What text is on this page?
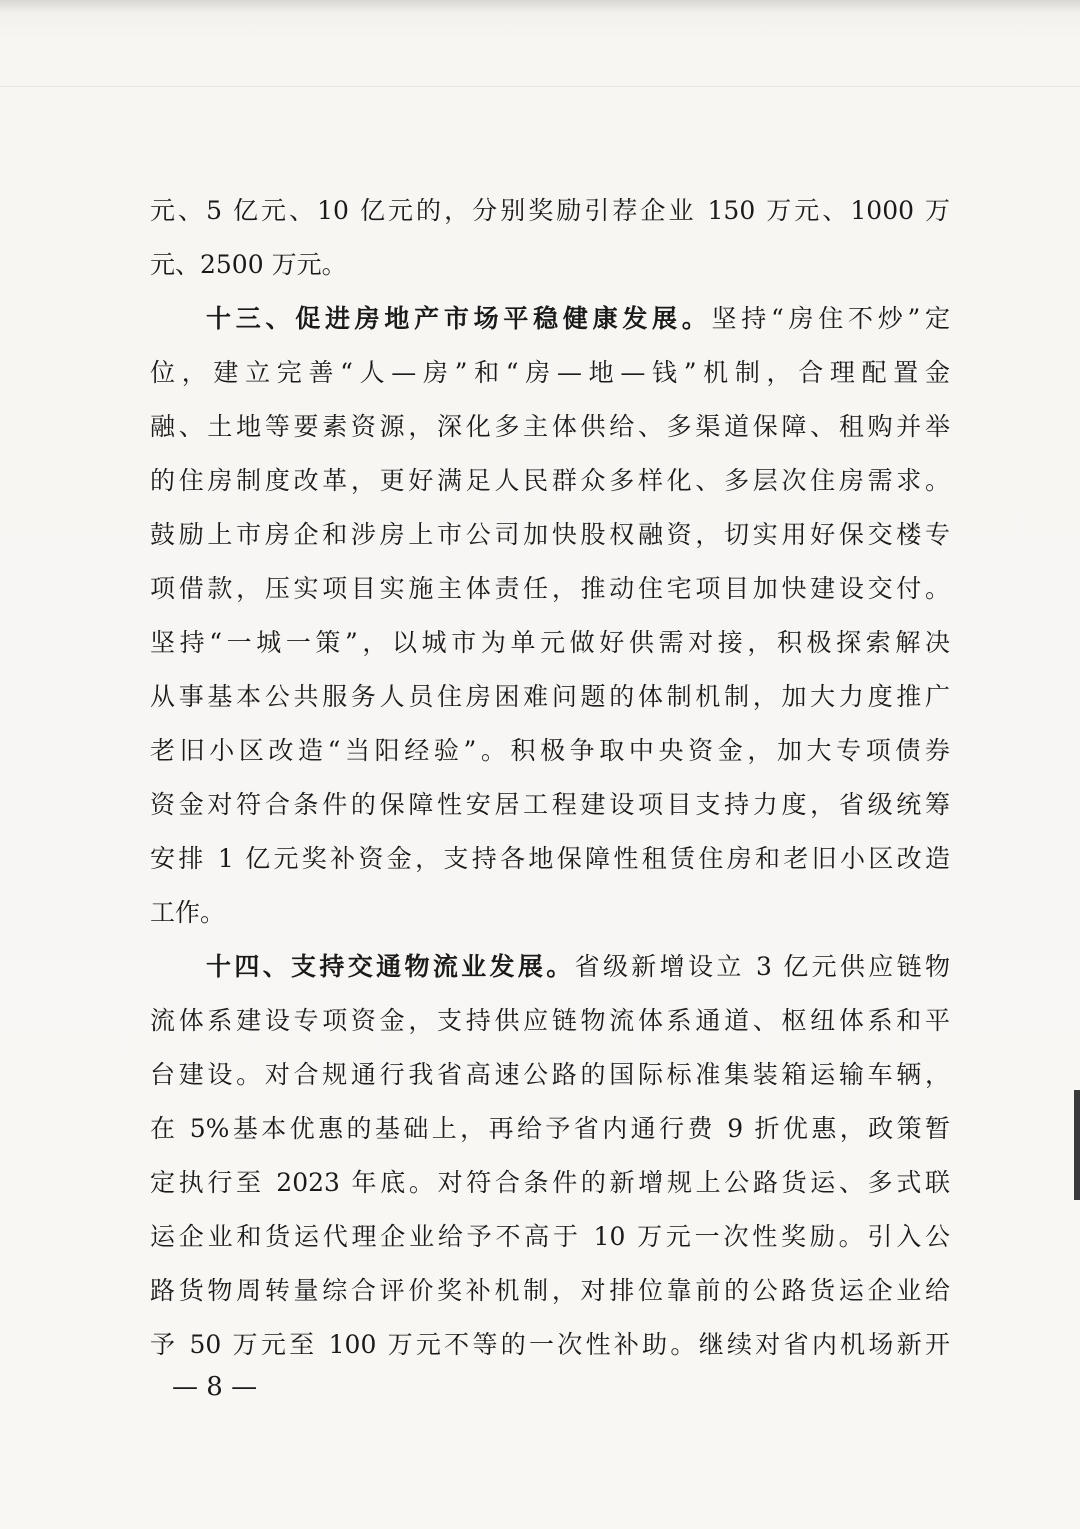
元、5 亿元、10 亿元的，分别奖励引荐企业 150 万元、1000 万
元、2500 万元。
十三、促进房地产市场平稳健康发展。坚持“房住不炒”定
位，建立完善“人—房”和“房—地—钱”机制，合理配置金
融、土地等要素资源，深化多主体供给、多渠道保障、租购并举
的住房制度改革，更好满足人民群众多样化、多层次住房需求。
鼓励上市房企和涉房上市公司加快股权融资，切实用好保交楼专
项借款，压实项目实施主体责任，推动住宅项目加快建设交付。
坚持“一城一策”，以城市为单元做好供需对接，积极探索解决
从事基本公共服务人员住房困难问题的体制机制，加大力度推广
老旧小区改造“当阳经验”。积极争取中央资金，加大专项债券
资金对符合条件的保障性安居工程建设项目支持力度，省级统筹
安排 1 亿元奖补资金，支持各地保障性租赁住房和老旧小区改造
工作。
十四、支持交通物流业发展。省级新增设立 3 亿元供应链物
流体系建设专项资金，支持供应链物流体系通道、枢纽体系和平
台建设。对合规通行我省高速公路的国际标准集装箱运输车辆，
在 5%基本优惠的基础上，再给予省内通行费 9 折优惠，政策暂
定执行至 2023 年底。对符合条件的新增规上公路货运、多式联
运企业和货运代理企业给予不高于 10 万元一次性奖励。引入公
路货物周转量综合评价奖补机制，对排位靠前的公路货运企业给
予 50 万元至 100 万元不等的一次性补助。继续对省内机场新开
— 8 —
